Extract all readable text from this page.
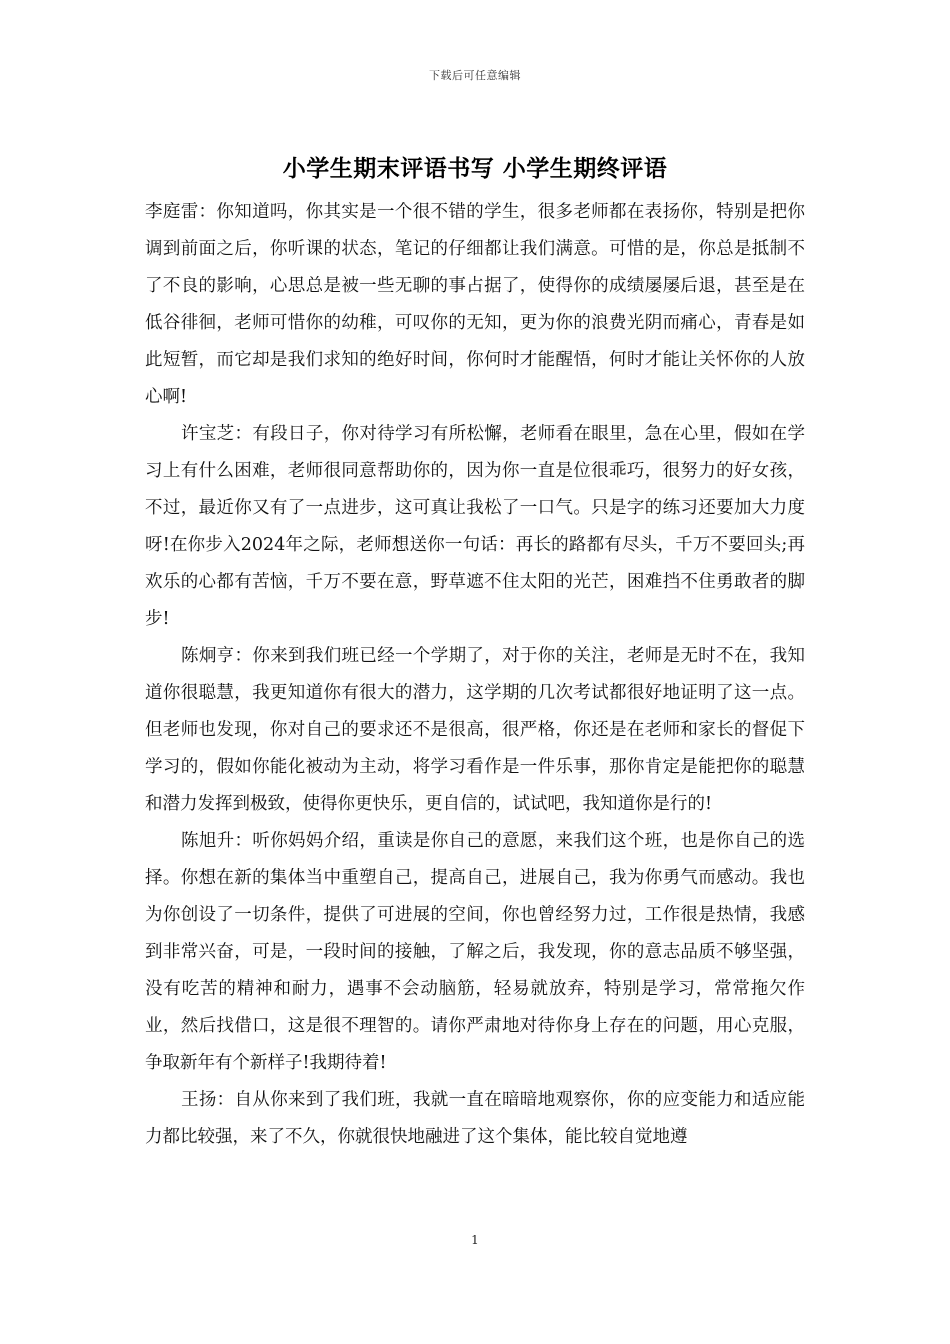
下载后可任意编辑
小学生期末评语书写 小学生期终评语

李庭雷：你知道吗，你其实是一个很不错的学生，很多老师都在表扬你，特别是把你调到前面之后，你听课的状态，笔记的仔细都让我们满意。可惜的是，你总是抵制不了不良的影响，心思总是被一些无聊的事占据了，使得你的成绩屡屡后退，甚至是在低谷徘徊，老师可惜你的幼稚，可叹你的无知，更为你的浪费光阴而痛心，青春是如此短暂，而它却是我们求知的绝好时间，你何时才能醒悟，何时才能让关怀你的人放心啊!

许宝芝：有段日子，你对待学习有所松懈，老师看在眼里，急在心里，假如在学习上有什么困难，老师很同意帮助你的，因为你一直是位很乖巧，很努力的好女孩，不过，最近你又有了一点进步，这可真让我松了一口气。只是字的练习还要加大力度呀!在你步入2024年之际，老师想送你一句话：再长的路都有尽头，千万不要回头;再欢乐的心都有苦恼，千万不要在意，野草遮不住太阳的光芒，困难挡不住勇敢者的脚步!

陈炯亨：你来到我们班已经一个学期了，对于你的关注，老师是无时不在，我知道你很聪慧，我更知道你有很大的潜力，这学期的几次考试都很好地证明了这一点。但老师也发现，你对自己的要求还不是很高，很严格，你还是在老师和家长的督促下学习的，假如你能化被动为主动，将学习看作是一件乐事，那你肯定是能把你的聪慧和潜力发挥到极致，使得你更快乐，更自信的，试试吧，我知道你是行的!

陈旭升：听你妈妈介绍，重读是你自己的意愿，来我们这个班，也是你自己的选择。你想在新的集体当中重塑自己，提高自己，进展自己，我为你勇气而感动。我也为你创设了一切条件，提供了可进展的空间，你也曾经努力过，工作很是热情，我感到非常兴奋，可是，一段时间的接触，了解之后，我发现，你的意志品质不够坚强，没有吃苦的精神和耐力，遇事不会动脑筋，轻易就放弃，特别是学习，常常拖欠作业，然后找借口，这是很不理智的。请你严肃地对待你身上存在的问题，用心克服，争取新年有个新样子!我期待着!

王扬：自从你来到了我们班，我就一直在暗暗地观察你，你的应变能力和适应能力都比较强，来了不久，你就很快地融进了这个集体，能比较自觉地遵

1
